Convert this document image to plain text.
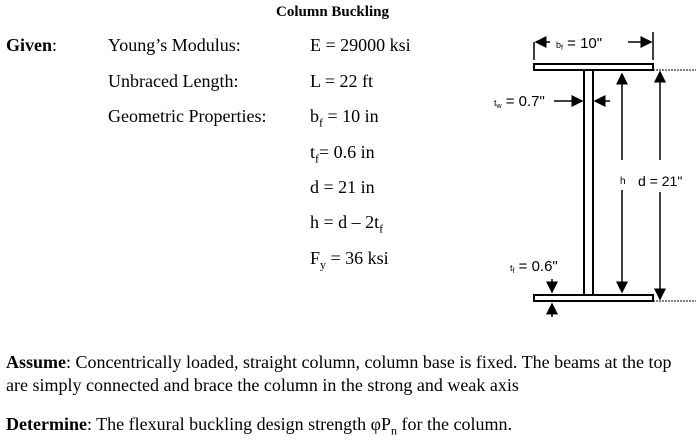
Column Buckling
Given:	Young’s Modulus:
Unbraced Length:
Geometric Properties:
E = 29000 ksi
L = 22 ft
$b_f = 10$ in
$t_f= 0.6$ in
d = 21 in
$h = d - 2t_f$
$F_y = 36$ ksi
bf = 10"
tw = 0.7"
h d = 21"
tf = 0.6"
Assume: Concentrically loaded, straight column, column base is fixed. The beams at the top are simply connected and brace the column in the strong and weak axis
Determine: The flexural buckling design strength $\varphi P_n$ for the column.
